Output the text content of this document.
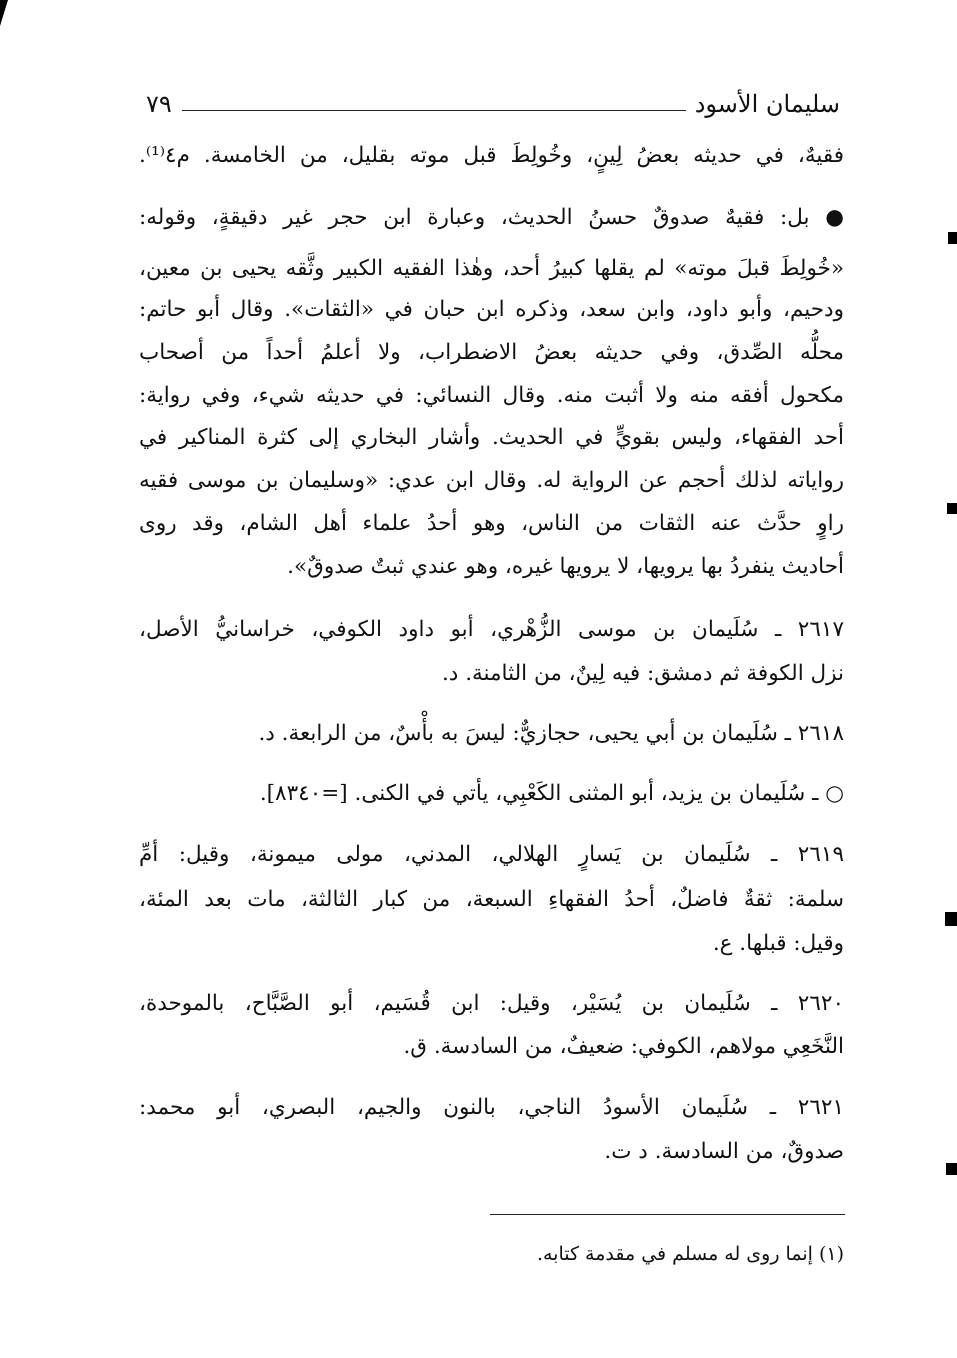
سليمان الأسود
٧٩
فقيهٌ، في حديثه بعضُ لِينٍ، وخُولِطَ قبل موته بقليل، من الخامسة. م٤⁽¹⁾.
● بل: فقيهٌ صدوقٌ حسنُ الحديث، وعبارة ابن حجر غير دقيقةٍ، وقوله:
«خُولِطَ قبلَ موته» لم يقلها كبيرُ أحد، وهٰذا الفقيه الكبير وثَّقه يحيى بن معين،
ودحيم، وأبو داود، وابن سعد، وذكره ابن حبان في «الثقات». وقال أبو حاتم:
محلُّه الصِّدق، وفي حديثه بعضُ الاضطراب، ولا أعلمُ أحداً من أصحاب
مكحول أفقه منه ولا أثبت منه. وقال النسائي: في حديثه شيء، وفي رواية:
أحد الفقهاء، وليس بقويٍّ في الحديث. وأشار البخاري إلى كثرة المناكير في
رواياته لذلك أحجم عن الرواية له. وقال ابن عدي: «وسليمان بن موسى فقيه
راوٍ حدَّث عنه الثقات من الناس، وهو أحدُ علماء أهل الشام، وقد روى
أحاديث ينفردُ بها يرويها، لا يرويها غيره، وهو عندي ثبتٌ صدوقٌ».
٢٦١٧ ـ سُلَيمان بن موسى الزُّهْري، أبو داود الكوفي، خراسانيُّ الأصل،
نزل الكوفة ثم دمشق: فيه لِينٌ، من الثامنة. د.
٢٦١٨ ـ سُلَيمان بن أبي يحيى، حجازيٌّ: ليسَ به بأْسٌ، من الرابعة. د.
○ ـ سُلَيمان بن يزيد، أبو المثنى الكَعْبِي، يأتي في الكنى. [=٨٣٤٠].
٢٦١٩ ـ سُلَيمان بن يَسارٍ الهلالي، المدني، مولى ميمونة، وقيل: أمِّ
سلمة: ثقةٌ فاضلٌ، أحدُ الفقهاءِ السبعة، من كبار الثالثة، مات بعد المئة،
وقيل: قبلها. ع.
٢٦٢٠ ـ سُلَيمان بن يُسَيْر، وقيل: ابن قُسَيم، أبو الصَّبَّاح، بالموحدة،
النَّخَعِي مولاهم، الكوفي: ضعيفٌ، من السادسة. ق.
٢٦٢١ ـ سُلَيمان الأسودُ الناجي، بالنون والجيم، البصري، أبو محمد:
صدوقٌ، من السادسة. د ت.
(١) إنما روى له مسلم في مقدمة كتابه.
